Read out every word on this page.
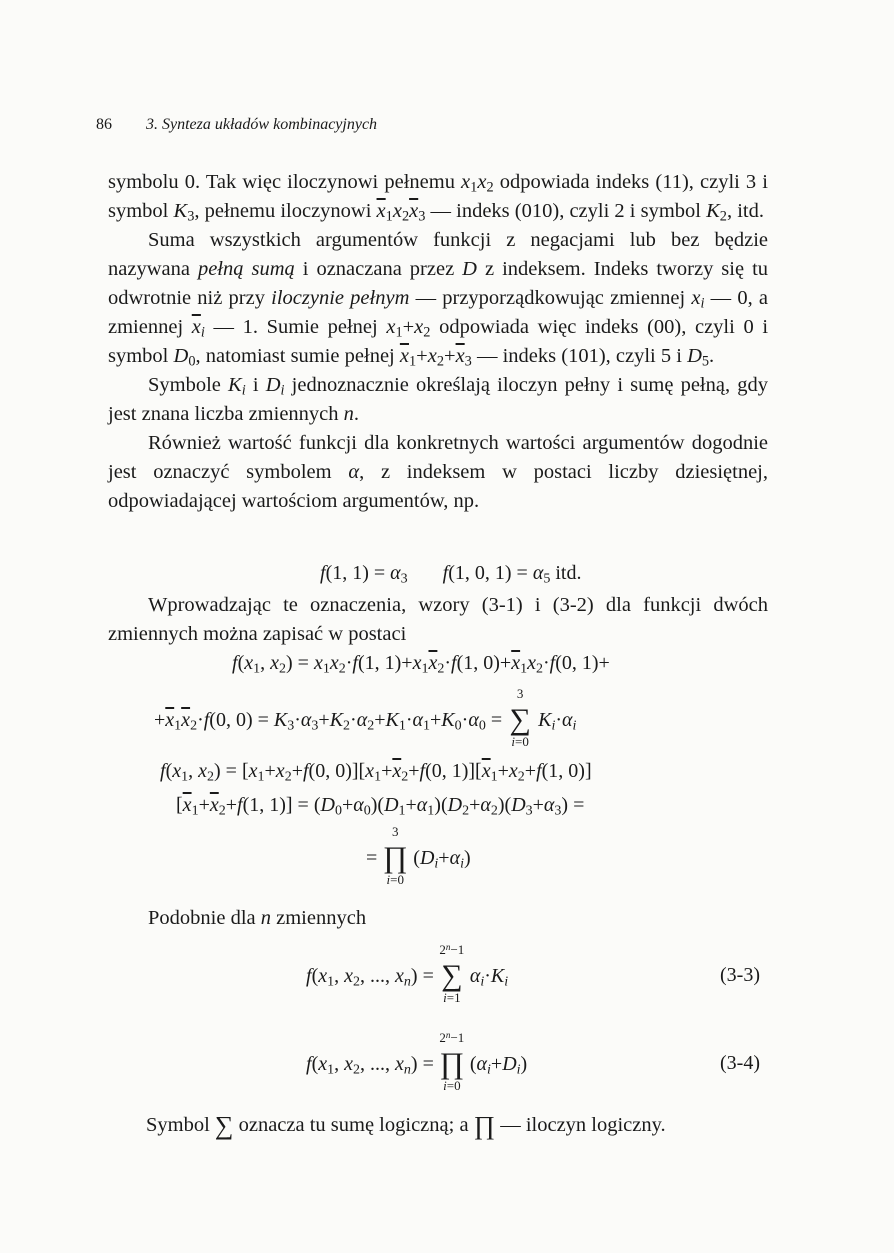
86 3. Synteza układów kombinacyjnych

symbolu 0. Tak więc iloczynowi pełnemu $x_1x_2$ odpowiada indeks (11), czyli 3 i symbol $K_3$, pełnemu iloczynowi $\overline{x}_1x_2\overline{x}_3$ — indeks (010), czyli 2 i symbol $K_2$, itd.

Suma wszystkich argumentów funkcji z negacjami lub bez będzie nazywana pełną sumą i oznaczana przez D z indeksem. Indeks tworzy się tu odwrotnie niż przy iloczynie pełnym — przyporządkowując zmiennej $x_i$ — 0, a zmiennej $\overline{x}_i$ — 1. Sumie pełnej $x_1+x_2$ odpowiada więc indeks (00), czyli 0 i symbol $D_0$, natomiast sumie pełnej $\overline{x}_1+x_2+\overline{x}_3$ — indeks (101), czyli 5 i $D_5$.

Symbole $K_i$ i $D_i$ jednoznacznie określają iloczyn pełny i sumę pełną, gdy jest znana liczba zmiennych n.

Również wartość funkcji dla konkretnych wartości argumentów dogodnie jest oznaczyć symbolem α, z indeksem w postaci liczby dziesiętnej, odpowiadającej wartościom argumentów, np.

f(1, $1) = \alpha_3$ f(1, 0, $1) = \alpha_5$ itd.

Wprowadzając te oznaczenia, wzory (3-1) i (3-2) dla funkcji dwóch zmiennych można zapisać w postaci

$f(x_1$, $x_2) = x_1x_2\cdot f(1$, $1)+x_1\overline{x}_2\cdot f(1$, $0)+\overline{x}_1x_2\cdot f(0$, 1)+
$+\overline{x}_1\overline{x}_2\cdot f(0$, $0) = K_3\cdot\alpha_3+K_2\cdot\alpha_2+K_1\cdot\alpha_1+K_0\cdot\alpha_0$ =
3
∑
i=0
$K_i\cdot\alpha_i$
$f(x_1$, $x_2) = [x_1+x_2+f(0$, $0)][x_1+\overline{x}_2+f(0$, $1)][\overline{x}_1+x_2+f(1$, 0)]
[$\overline{x}_1+\overline{x}_2+f(1$, $1)] = (D_0+\alpha_0)(D_1+\alpha_1)(D_2+\alpha_2)(D_3+\alpha_3)$ =
=
3
∏
i=0
$(D_i+\alpha_i)$

Podobnie dla n zmiennych

$f(x_1$, $x_2$, ..., $x_n$) =
$2^n-1$
∑
i=1
$\alpha_i\cdot K_i$	(3-3)
$f(x_1$, $x_2$, ..., $x_n$) =
$2^n-1$
∏
i=0
$(\alpha_i+D_i)$	(3-4)

Symbol ∑ oznacza tu sumę logiczną; a ∏ — iloczyn logiczny.
